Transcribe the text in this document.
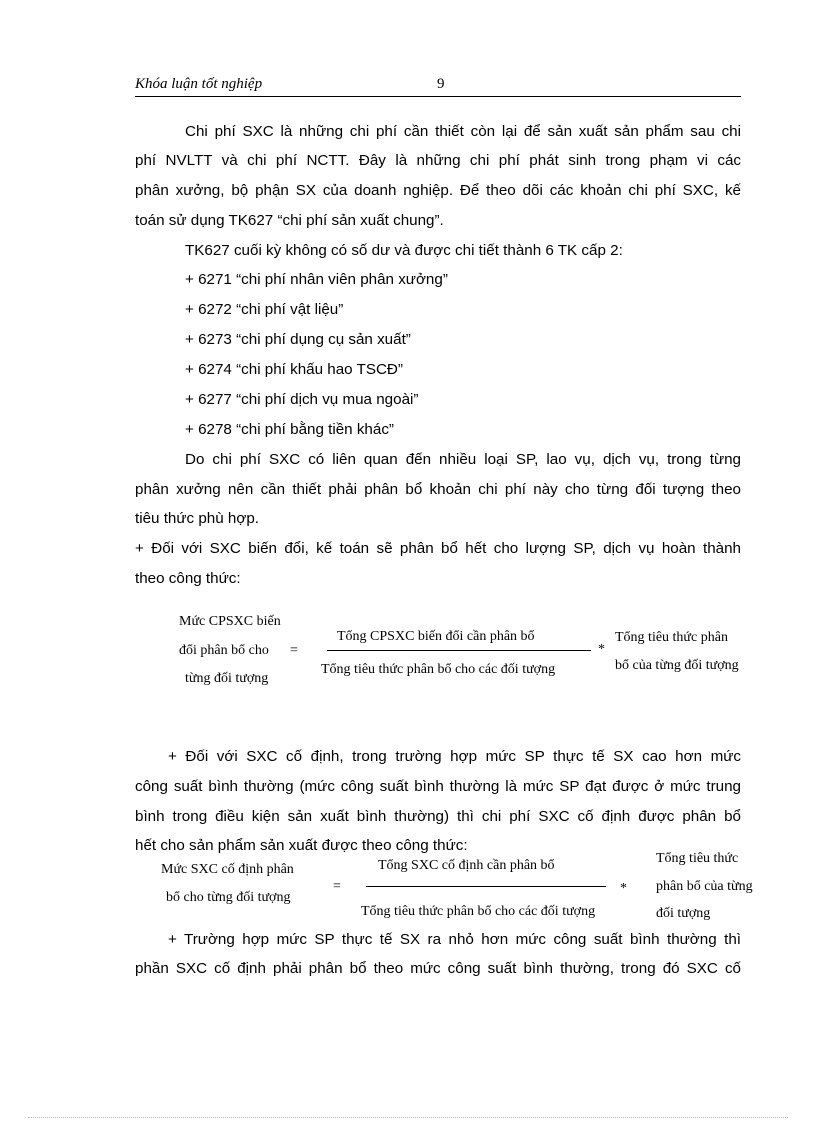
Khóa luận tốt nghiệp	9
Chi phí SXC là những chi phí cần thiết còn lại để sản xuất sản phẩm sau chi
phí NVLTT và chi phí NCTT. Đây là những chi phí phát sinh trong phạm vi các
phân xưởng, bộ phận SX của doanh nghiệp. Để theo dõi các khoản chi phí SXC, kế
toán sử dụng TK627 “chi phí sản xuất chung”.
TK627 cuối kỳ không có số dư và được chi tiết thành 6 TK cấp 2:
+ 6271 “chi phí nhân viên phân xưởng”
+ 6272 “chi phí vật liệu”
+ 6273 “chi phí dụng cụ sản xuất”
+ 6274 “chi phí khấu hao TSCĐ”
+ 6277 “chi phí dịch vụ mua ngoài”
+ 6278 “chi phí bằng tiền khác”
Do chi phí SXC có liên quan đến nhiều loại SP, lao vụ, dịch vụ, trong từng
phân xưởng nên cần thiết phải phân bổ khoản chi phí này cho từng đối tượng theo
tiêu thức phù hợp.
+ Đối với SXC biến đổi, kế toán sẽ phân bổ hết cho lượng SP, dịch vụ hoàn thành
theo công thức:
Mức CPSXC biến
đổi phân bổ cho
từng đối tượng
=
Tổng CPSXC biến đổi cần phân bổ
Tổng tiêu thức phân bổ cho các đối tượng
*
Tổng tiêu thức phân
bổ của từng đối tượng
+ Đối với SXC cố định, trong trường hợp mức SP thực tế SX cao hơn mức
công suất bình thường (mức công suất bình thường là mức SP đạt được ở mức trung
bình trong điều kiện sản xuất bình thường) thì chi phí SXC cố định được phân bổ
hết cho sản phẩm sản xuất được theo công thức:
Mức SXC cố định phân
bổ cho từng đối tượng
=
Tổng SXC cố định cần phân bổ
Tổng tiêu thức phân bổ cho các đối tượng
*
Tổng tiêu thức
phân bổ của từng
đối tượng
+ Trường hợp mức SP thực tế SX ra nhỏ hơn mức công suất bình thường thì
phần SXC cố định phải phân bổ theo mức công suất bình thường, trong đó SXC cố
